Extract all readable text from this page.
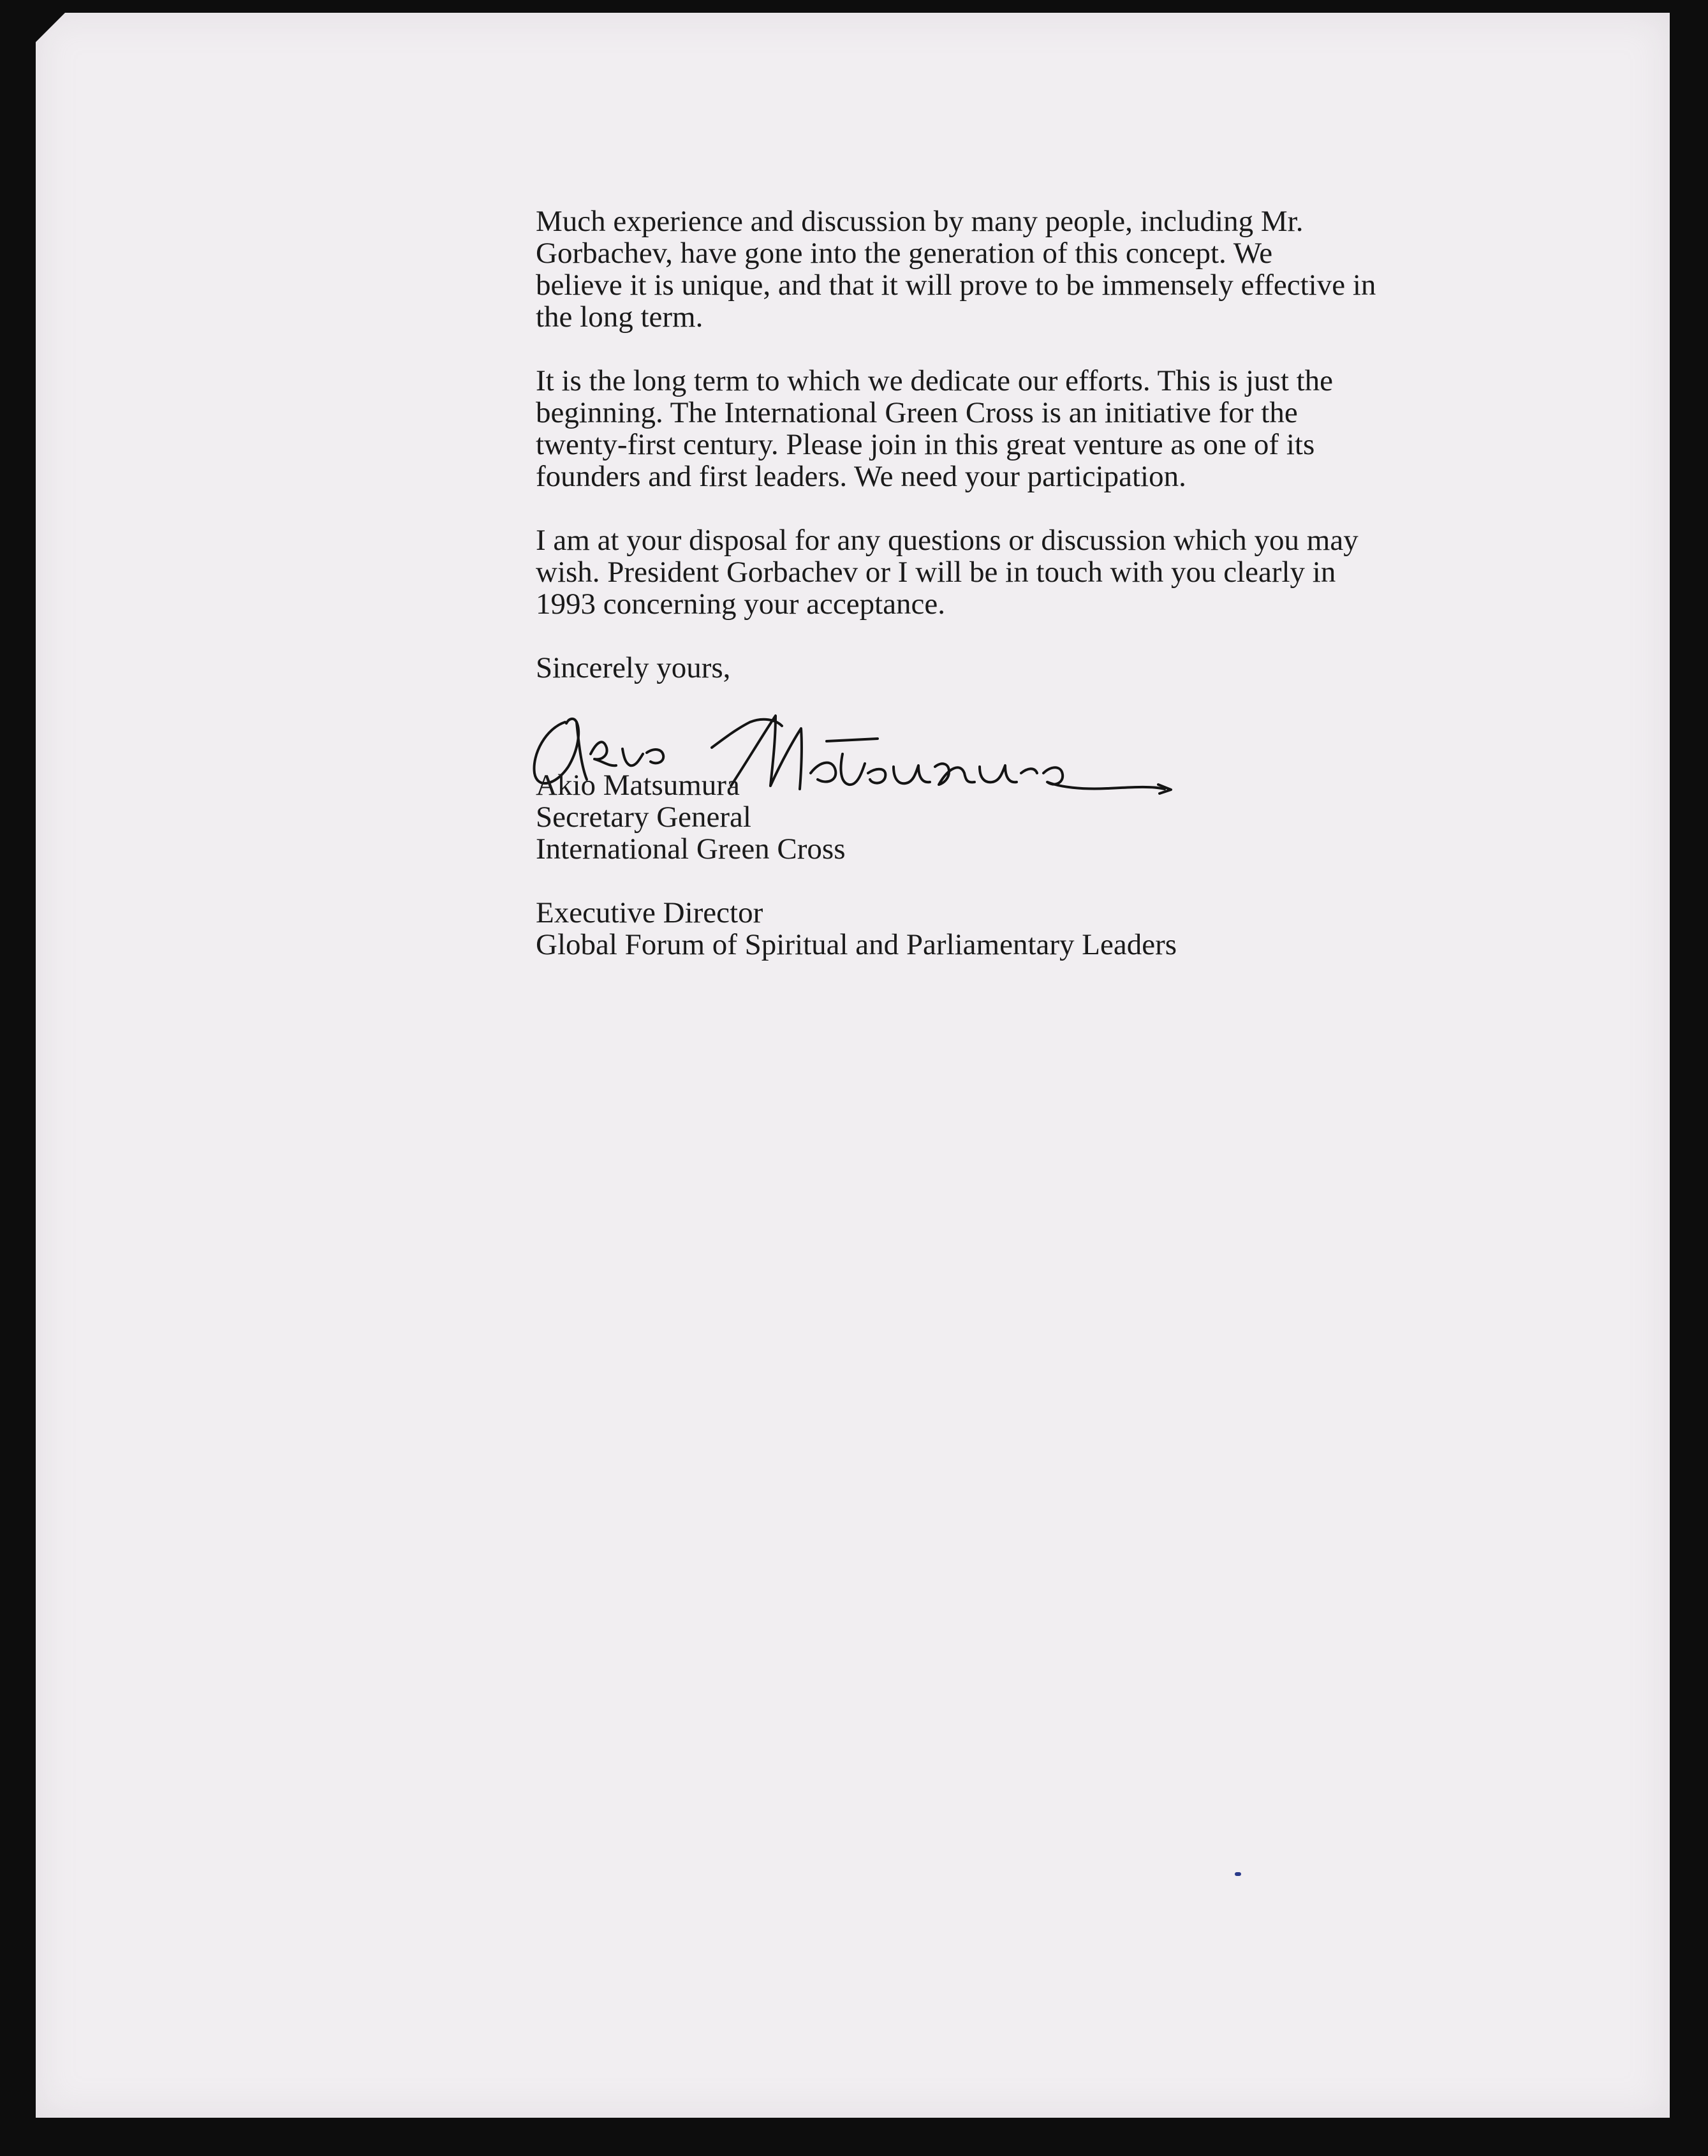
Much experience and discussion by many people, including Mr.
Gorbachev, have gone into the generation of this concept. We
believe it is unique, and that it will prove to be immensely effective in
the long term.

It is the long term to which we dedicate our efforts. This is just the
beginning. The International Green Cross is an initiative for the
twenty-first century. Please join in this great venture as one of its
founders and first leaders. We need your participation.

I am at your disposal for any questions or discussion which you may
wish. President Gorbachev or I will be in touch with you clearly in
1993 concerning your acceptance.

Sincerely yours,

Akio Matsumura

Secretary General

International Green Cross

Executive Director

Global Forum of Spiritual and Parliamentary Leaders
